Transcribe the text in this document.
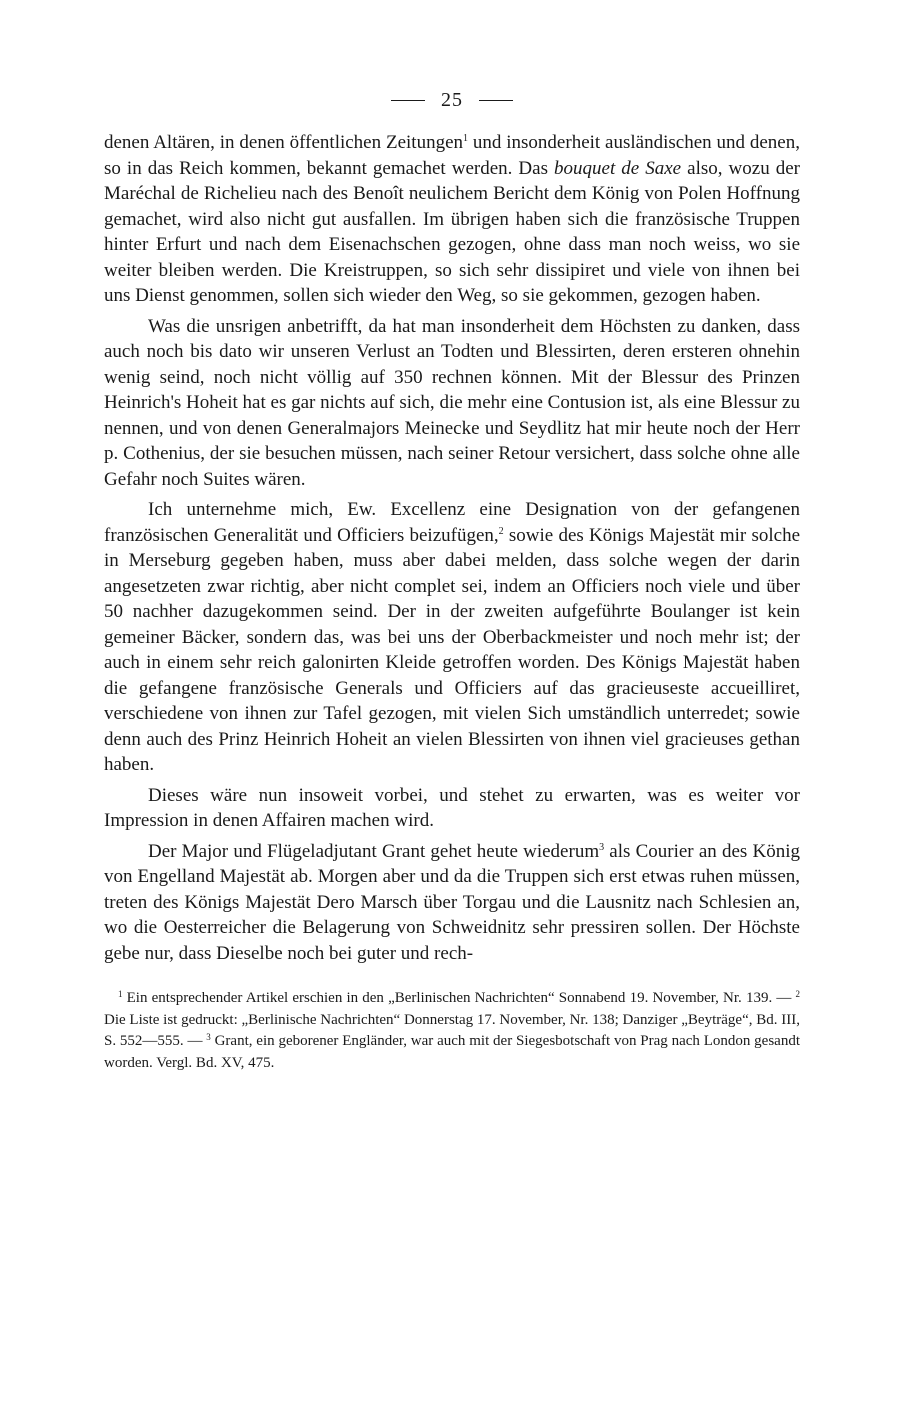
25

denen Altären, in denen öffentlichen Zeitungen$^1$ und insonderheit ausländischen und denen, so in das Reich kommen, bekannt gemachet werden. Das bouquet de Saxe also, wozu der Maréchal de Richelieu nach des Benoît neulichem Bericht dem König von Polen Hoffnung gemachet, wird also nicht gut ausfallen. Im übrigen haben sich die französische Truppen hinter Erfurt und nach dem Eisenachschen gezogen, ohne dass man noch weiss, wo sie weiter bleiben werden. Die Kreistruppen, so sich sehr dissipiret und viele von ihnen bei uns Dienst genommen, sollen sich wieder den Weg, so sie gekommen, gezogen haben.

Was die unsrigen anbetrifft, da hat man insonderheit dem Höchsten zu danken, dass auch noch bis dato wir unseren Verlust an Todten und Blessirten, deren ersteren ohnehin wenig seind, noch nicht völlig auf 350 rechnen können. Mit der Blessur des Prinzen Heinrich's Hoheit hat es gar nichts auf sich, die mehr eine Contusion ist, als eine Blessur zu nennen, und von denen Generalmajors Meinecke und Seydlitz hat mir heute noch der Herr p. Cothenius, der sie besuchen müssen, nach seiner Retour versichert, dass solche ohne alle Gefahr noch Suites wären.

Ich unternehme mich, Ew. Excellenz eine Designation von der gefangenen französischen Generalität und Officiers beizufügen,$^2$ sowie des Königs Majestät mir solche in Merseburg gegeben haben, muss aber dabei melden, dass solche wegen der darin angesetzeten zwar richtig, aber nicht complet sei, indem an Officiers noch viele und über 50 nachher dazugekommen seind. Der in der zweiten aufgeführte Boulanger ist kein gemeiner Bäcker, sondern das, was bei uns der Oberbackmeister und noch mehr ist; der auch in einem sehr reich galonirten Kleide getroffen worden. Des Königs Majestät haben die gefangene französische Generals und Officiers auf das gracieuseste accueilliret, verschiedene von ihnen zur Tafel gezogen, mit vielen Sich umständlich unterredet; sowie denn auch des Prinz Heinrich Hoheit an vielen Blessirten von ihnen viel gracieuses gethan haben.

Dieses wäre nun insoweit vorbei, und stehet zu erwarten, was es weiter vor Impression in denen Affairen machen wird.

Der Major und Flügeladjutant Grant gehet heute wiederum$^3$ als Courier an des König von Engelland Majestät ab. Morgen aber und da die Truppen sich erst etwas ruhen müssen, treten des Königs Majestät Dero Marsch über Torgau und die Lausnitz nach Schlesien an, wo die Oesterreicher die Belagerung von Schweidnitz sehr pressiren sollen. Der Höchste gebe nur, dass Dieselbe noch bei guter und rech-

$^1$ Ein entsprechender Artikel erschien in den „Berlinischen Nachrichten“ Sonnabend 19. November, Nr. 139. — $^2$ Die Liste ist gedruckt: „Berlinische Nachrichten“ Donnerstag 17. November, Nr. 138; Danziger „Beyträge“, Bd. III, S. 552—555. — $^3$ Grant, ein geborener Engländer, war auch mit der Siegesbotschaft von Prag nach London gesandt worden. Vergl. Bd. XV, 475.
